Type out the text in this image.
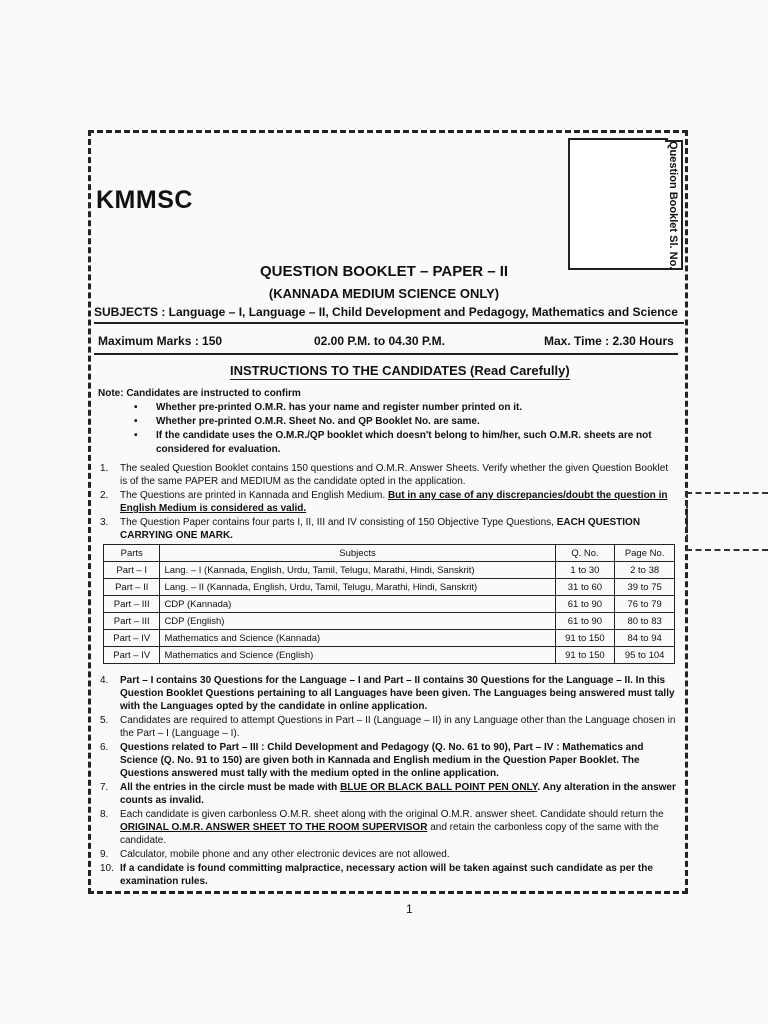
Question Booklet Sl. No.
KMMSC
QUESTION BOOKLET – PAPER – II
(KANNADA MEDIUM SCIENCE ONLY)
SUBJECTS : Language – I, Language – II, Child Development and Pedagogy, Mathematics and Science
Maximum Marks : 150	02.00 P.M. to 04.30 P.M.	Max. Time : 2.30 Hours
INSTRUCTIONS TO THE CANDIDATES (Read Carefully)
Note: Candidates are instructed to confirm
• Whether pre-printed O.M.R. has your name and register number printed on it.
• Whether pre-printed O.M.R. Sheet No. and QP Booklet No. are same.
• If the candidate uses the O.M.R./QP booklet which doesn't belong to him/her, such O.M.R. sheets are not considered for evaluation.
1. The sealed Question Booklet contains 150 questions and O.M.R. Answer Sheets. Verify whether the given Question Booklet is of the same PAPER and MEDIUM as the candidate opted in the application.
2. The Questions are printed in Kannada and English Medium. But in any case of any discrepancies/doubt the question in English Medium is considered as valid.
3. The Question Paper contains four parts I, II, III and IV consisting of 150 Objective Type Questions, EACH QUESTION CARRYING ONE MARK.
Parts	Subjects	Q. No.	Page No.
Part – I	Lang. – I (Kannada, English, Urdu, Tamil, Telugu, Marathi, Hindi, Sanskrit)	1 to 30	2 to 38
Part – II	Lang. – II (Kannada, English, Urdu, Tamil, Telugu, Marathi, Hindi, Sanskrit)	31 to 60	39 to 75
Part – III	CDP (Kannada)	61 to 90	76 to 79
Part – III	CDP (English)	61 to 90	80 to 83
Part – IV	Mathematics and Science (Kannada)	91 to 150	84 to 94
Part – IV	Mathematics and Science (English)	91 to 150	95 to 104
4. Part – I contains 30 Questions for the Language – I and Part – II contains 30 Questions for the Language – II. In this Question Booklet Questions pertaining to all Languages have been given. The Languages being answered must tally with the Languages opted by the candidate in online application.
5. Candidates are required to attempt Questions in Part – II (Language – II) in any Language other than the Language chosen in the Part – I (Language – I).
6. Questions related to Part – III : Child Development and Pedagogy (Q. No. 61 to 90), Part – IV : Mathematics and Science (Q. No. 91 to 150) are given both in Kannada and English medium in the Question Paper Booklet. The Questions answered must tally with the medium opted in the online application.
7. All the entries in the circle must be made with BLUE OR BLACK BALL POINT PEN ONLY. Any alteration in the answer counts as invalid.
8. Each candidate is given carbonless O.M.R. sheet along with the original O.M.R. answer sheet. Candidate should return the ORIGINAL O.M.R. ANSWER SHEET TO THE ROOM SUPERVISOR and retain the carbonless copy of the same with the candidate.
9. Calculator, mobile phone and any other electronic devices are not allowed.
10. If a candidate is found committing malpractice, necessary action will be taken against such candidate as per the examination rules.
1
